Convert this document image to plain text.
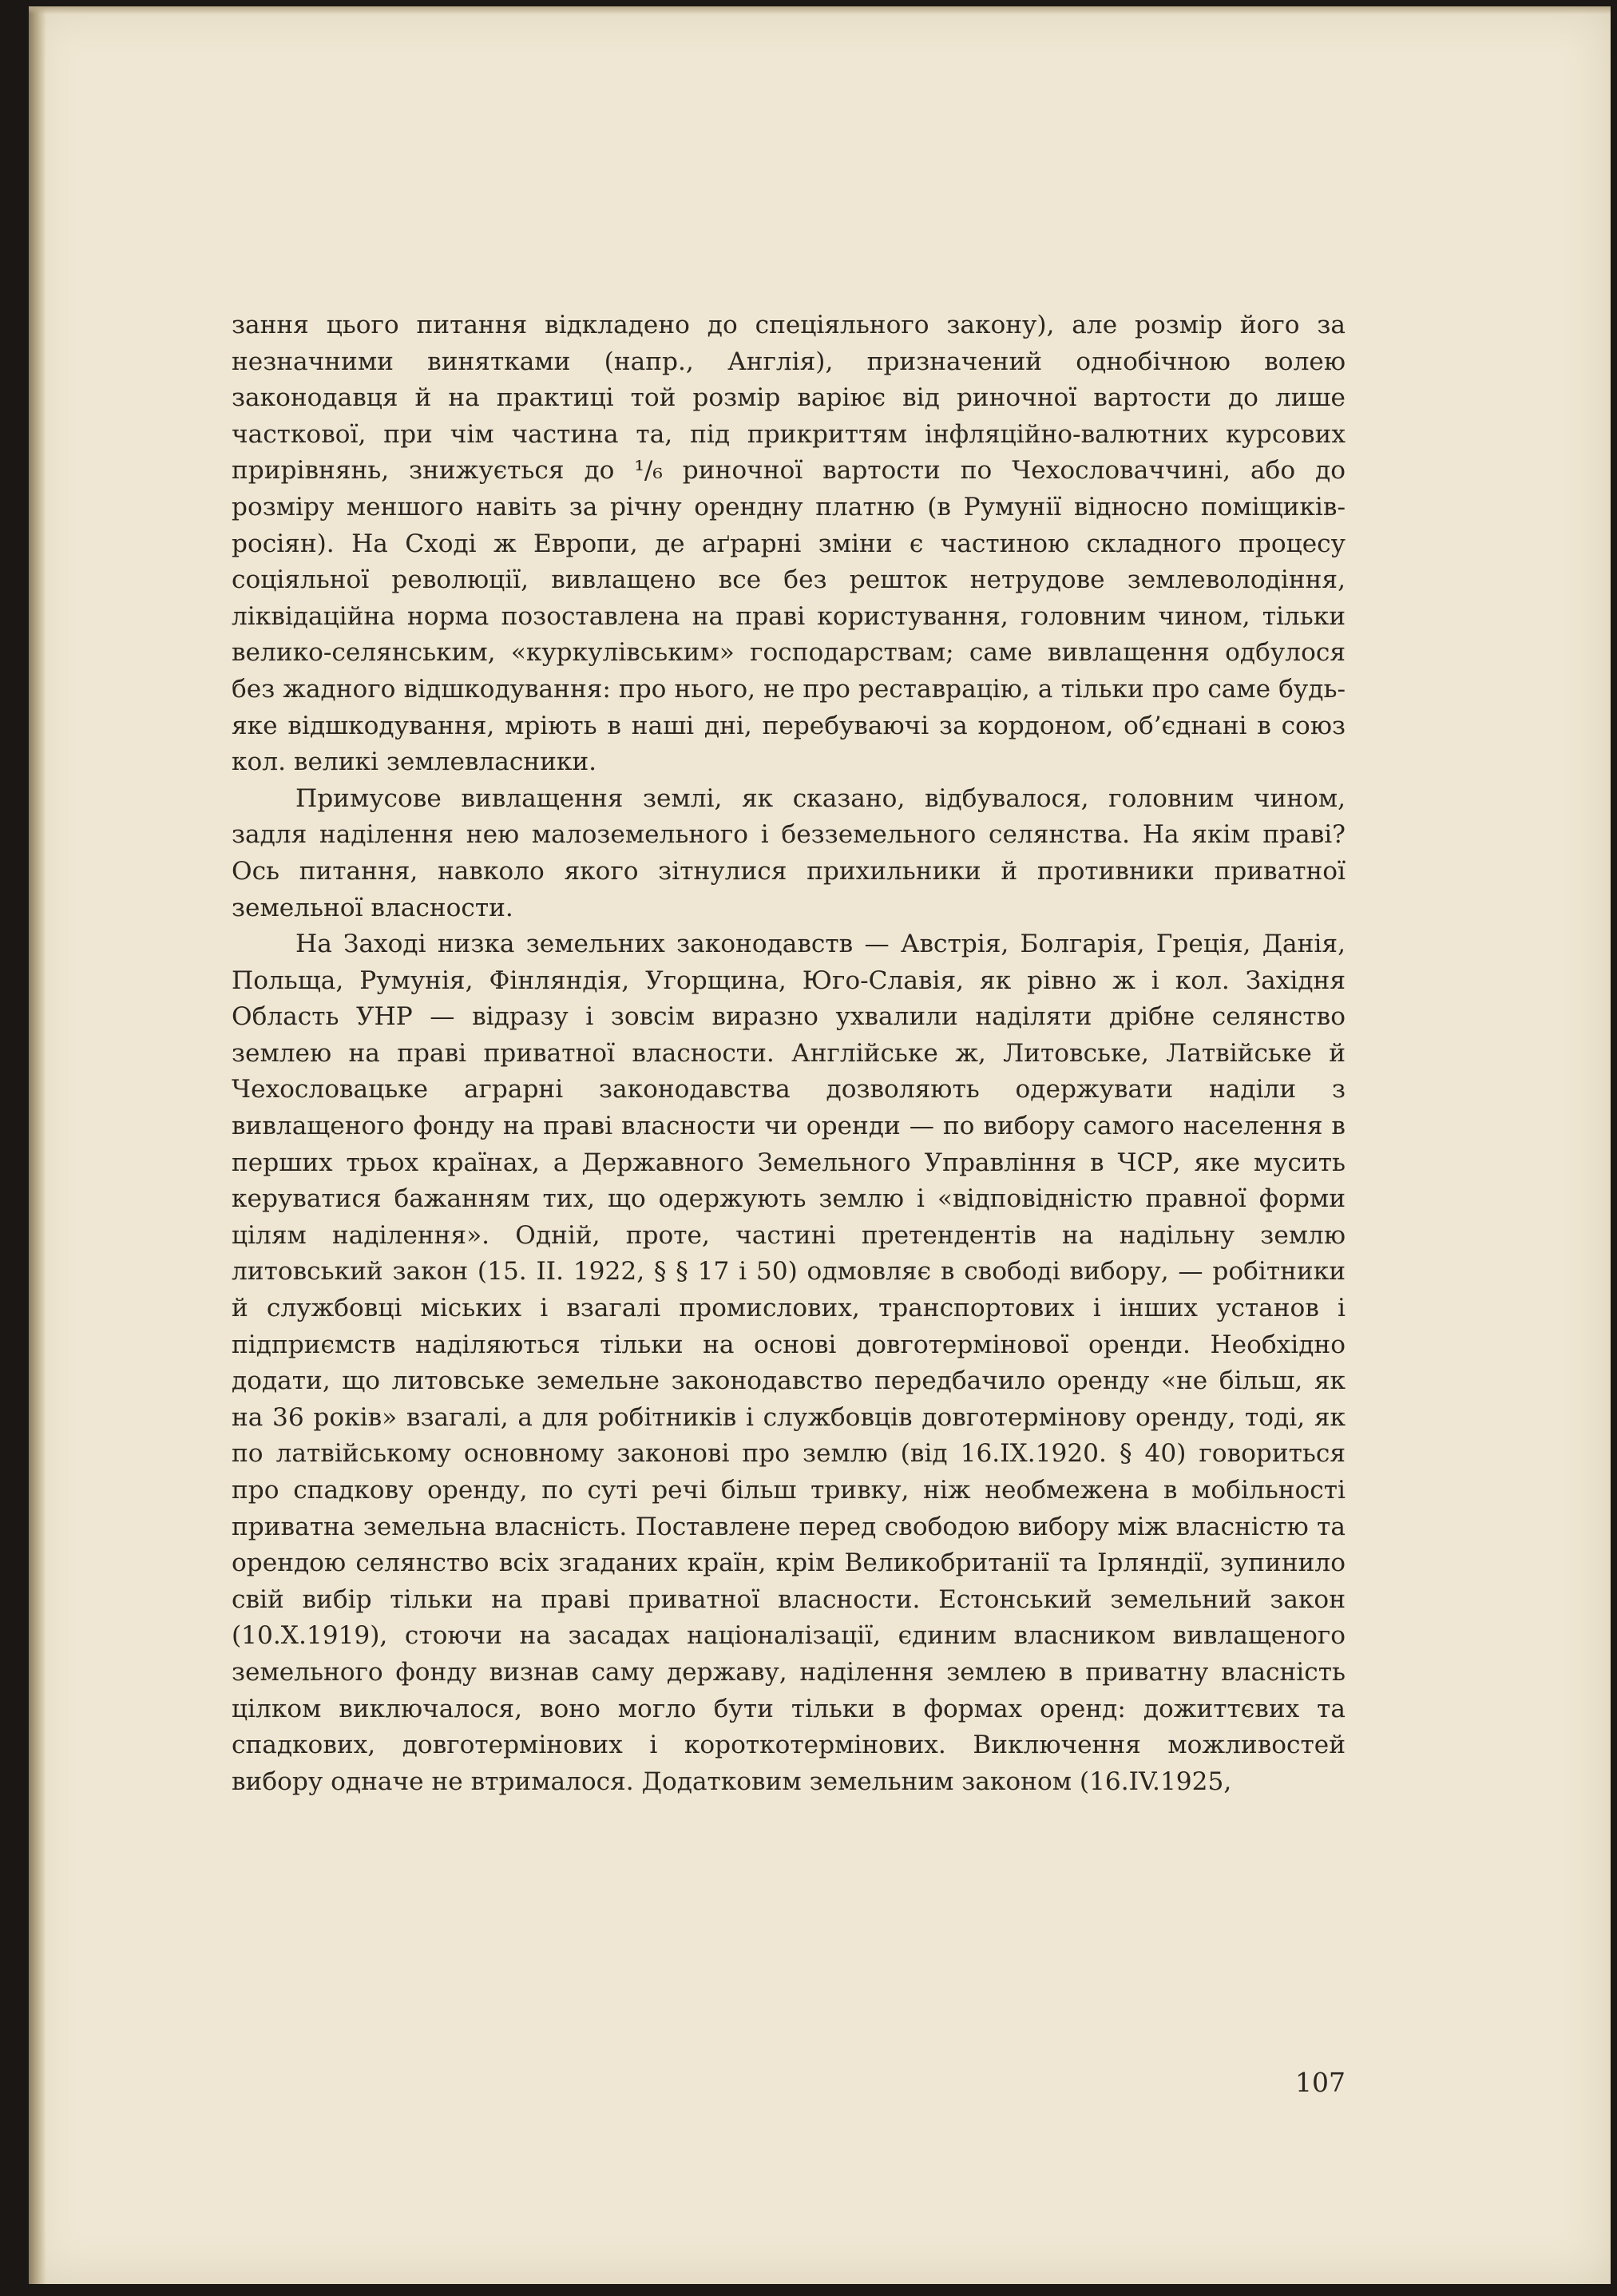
зання цього питання відкладено до спеціяльного закону), але розмір його за незначними винятками (напр., Англія), призначений однобічною волею законодавця й на практиці той розмір варіює від риночної вартости до лише часткової, при чім частина та, під прикриттям інфляційно-валютних курсових прирівнянь, знижується до ¹/₆ риночної вартости по Чехословаччині, або до розміру меншого навіть за річну орендну платню (в Румунії відносно поміщиків-росіян). На Сході ж Европи, де аґрарні зміни є частиною складного процесу соціяльної революції, вивлащено все без решток нетрудове землеволодіння, ліквідаційна норма позоставлена на праві користування, головним чином, тільки велико-селянським, «куркулівським» господарствам; саме вивлащення одбулося без жадного відшкодування: про нього, не про реставрацію, а тільки про саме будь-яке відшкодування, мріють в наші дні, перебуваючі за кордоном, об’єднані в союз кол. великі землевласники.

Примусове вивлащення землі, як сказано, відбувалося, головним чином, задля наділення нею малоземельного і безземельного селянства. На якім праві? Ось питання, навколо якого зітнулися прихильники й противники приватної земельної власности.

На Заході низка земельних законодавств — Австрія, Болгарія, Греція, Данія, Польща, Румунія, Фінляндія, Угорщина, Юго-Славія, як рівно ж і кол. Західня Область УНР — відразу і зовсім виразно ухвалили наділяти дрібне селянство землею на праві приватної власности. Англійське ж, Литовське, Латвійське й Чехословацьке аграрні законодавства дозволяють одержувати наділи з вивлащеного фонду на праві власности чи оренди — по вибору самого населення в перших трьох країнах, а Державного Земельного Управління в ЧСР, яке мусить керуватися бажанням тих, що одержують землю і «відповідністю правної форми цілям наділення». Одній, проте, частині претендентів на надільну землю литовський закон (15. II. 1922, § § 17 і 50) одмовляє в свободі вибору, — робітники й службовці міських і взагалі промислових, транспортових і інших установ і підприємств наділяються тільки на основі довготермінової оренди. Необхідно додати, що литовське земельне законодавство передбачило оренду «не більш, як на 36 років» взагалі, а для робітників і службовців довготермінову оренду, тоді, як по латвійському основному законові про землю (від 16.IX.1920. § 40) говориться про спадкову оренду, по суті речі більш тривку, ніж необмежена в мобільності приватна земельна власність. Поставлене перед свободою вибору між власністю та орендою селянство всіх згаданих країн, крім Великобританії та Ірляндії, зупинило свій вибір тільки на праві приватної власности. Естонський земельний закон (10.X.1919), стоючи на засадах націоналізації, єдиним власником вивлащеного земельного фонду визнав саму державу, наділення землею в приватну власність цілком виключалося, воно могло бути тільки в формах оренд: дожиттєвих та спадкових, довготермінових і короткотермінових. Виключення можливостей вибору одначе не втрималося. Додатковим земельним законом (16.IV.1925,

107
